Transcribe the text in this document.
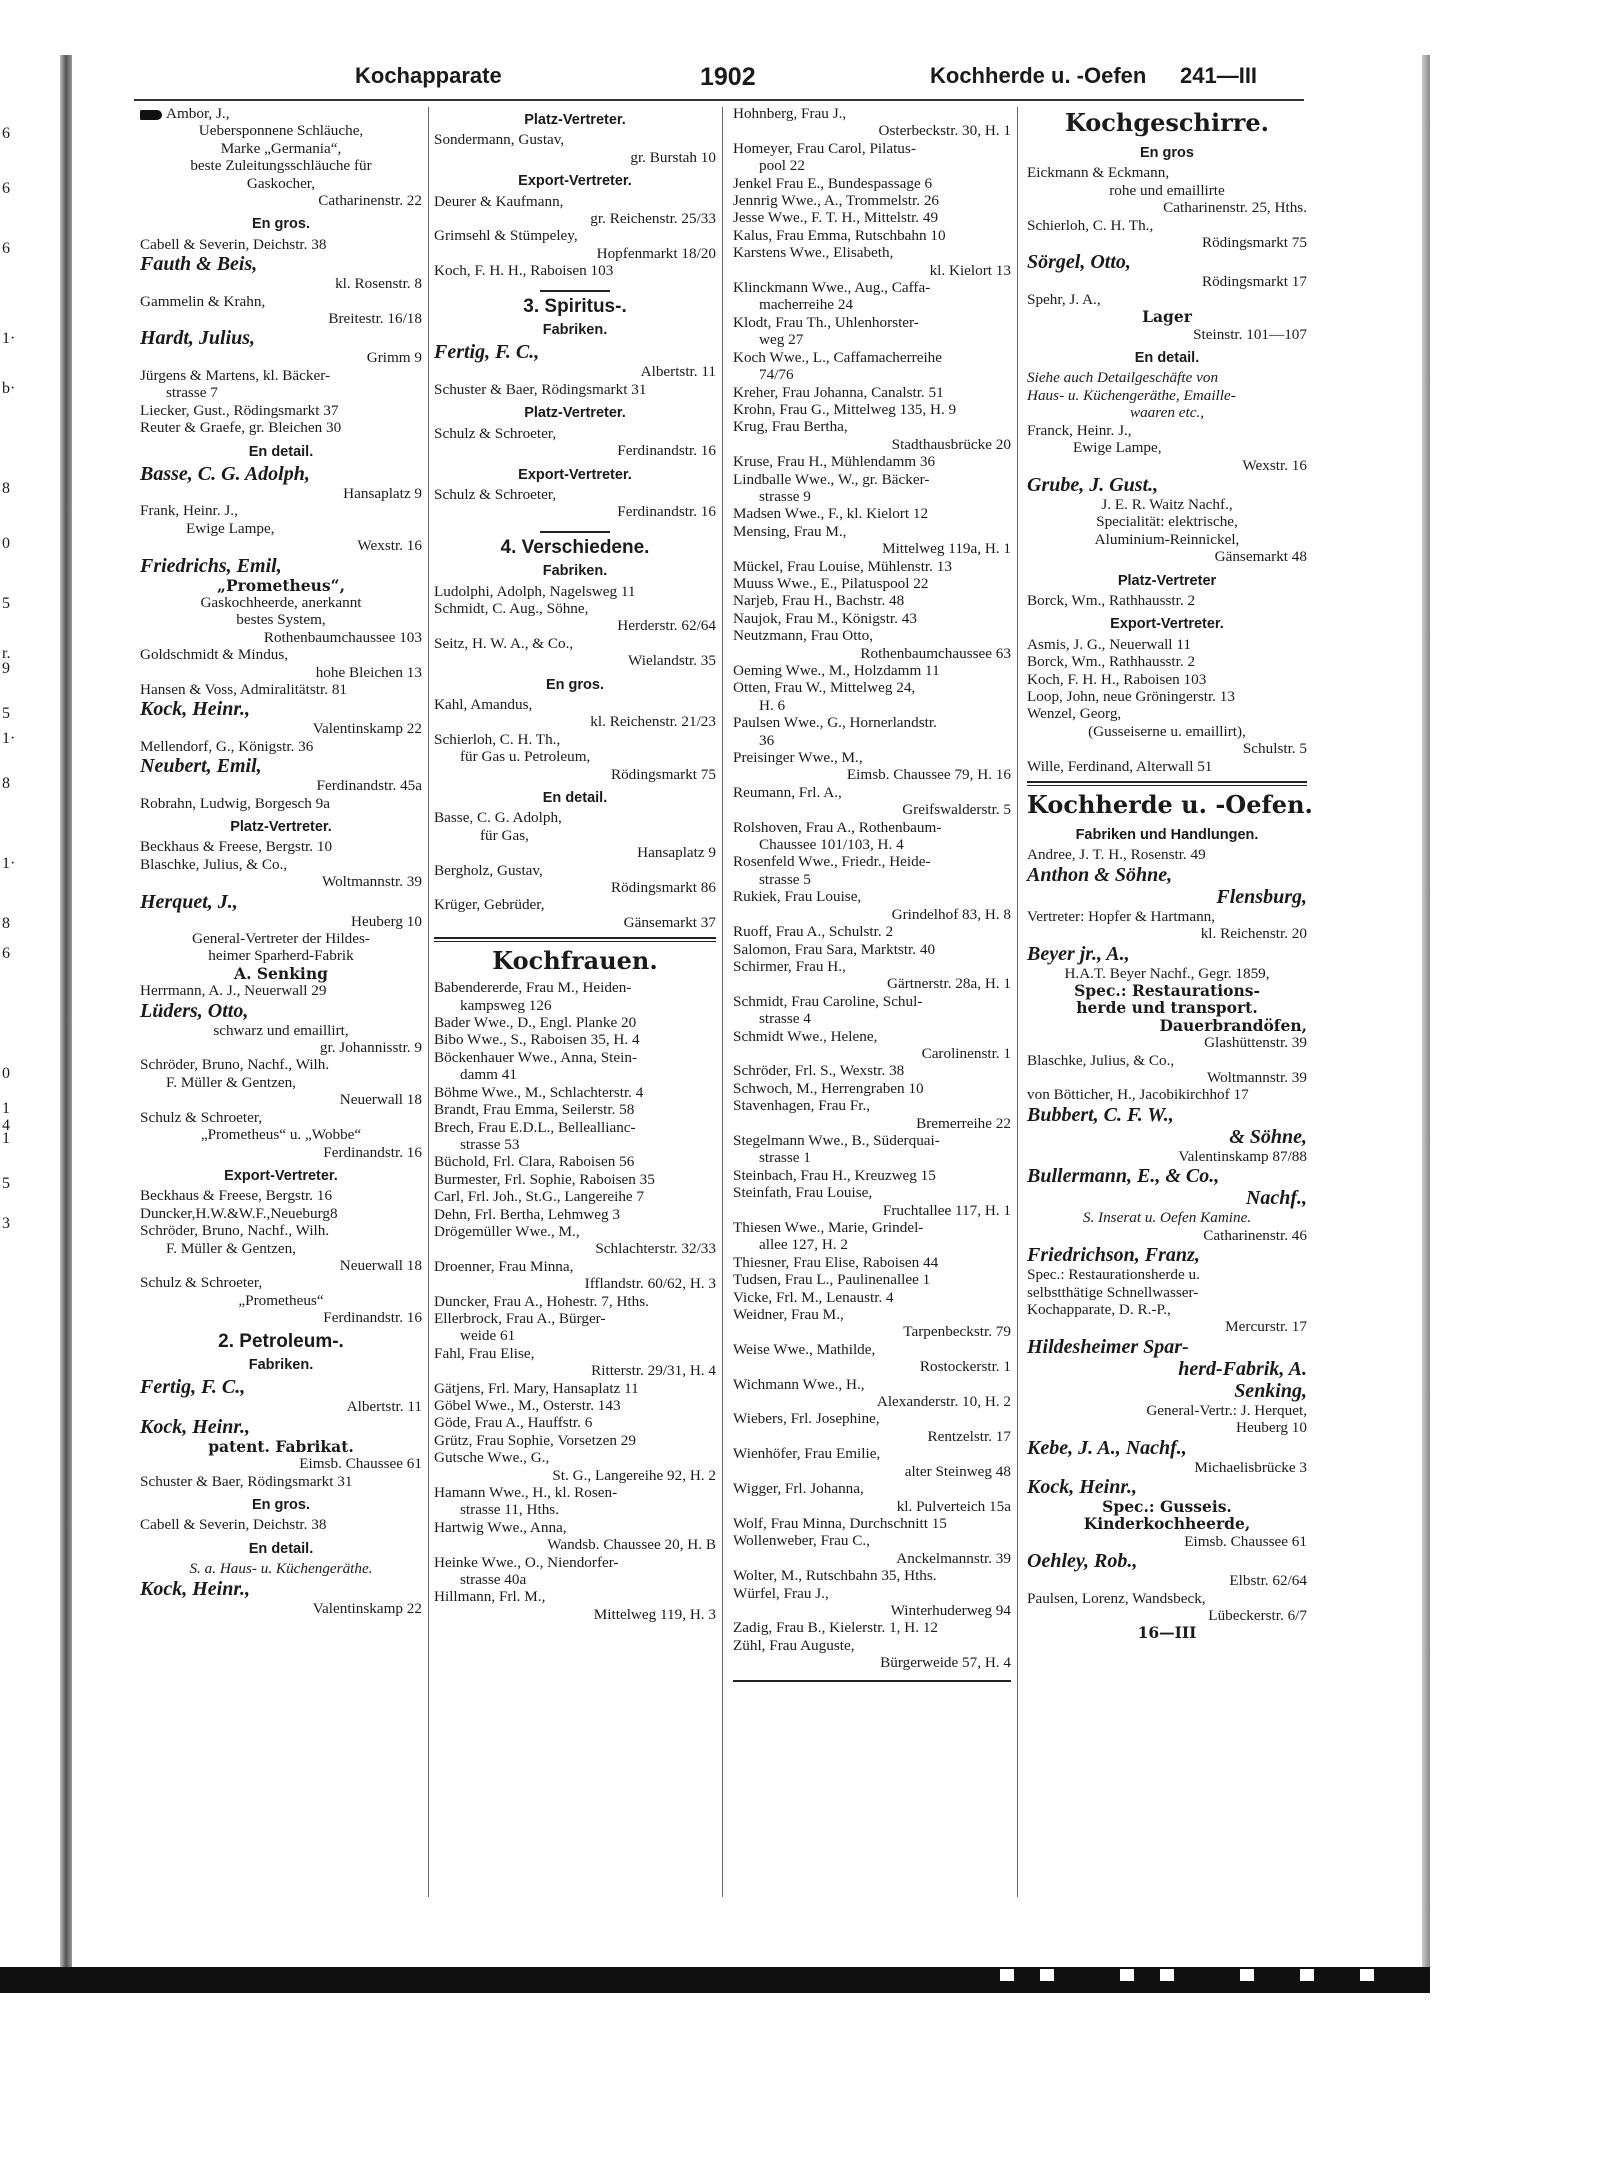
6
6
6
1·
b·
8
0
5
r.
9
5
1·
8
1·
8
6
0
1
4
1
5
3
Kochapparate	1902	Kochherde u. -Oefen 241—III

Ambor, J.,

Uebersponnene Schläuche,

Marke „Germania“,

beste Zuleitungsschläuche für

Gaskocher,

Catharinenstr. 22

En gros.

Cabell & Severin, Deichstr. 38

Fauth & Beis,

kl. Rosenstr. 8

Gammelin & Krahn,

Breitestr. 16/18

Hardt, Julius,

Grimm 9

Jürgens & Martens, kl. Bäcker-

strasse 7

Liecker, Gust., Rödingsmarkt 37

Reuter & Graefe, gr. Bleichen 30

En detail.

Basse, C. G. Adolph,

Hansaplatz 9

Frank, Heinr. J.,

Ewige Lampe,

Wexstr. 16

Friedrichs, Emil,

„Prometheus“,

Gaskochheerde, anerkannt

bestes System,

Rothenbaumchaussee 103

Goldschmidt & Mindus,

hohe Bleichen 13

Hansen & Voss, Admiralitätstr. 81

Kock, Heinr.,

Valentinskamp 22

Mellendorf, G., Königstr. 36

Neubert, Emil,

Ferdinandstr. 45a

Robrahn, Ludwig, Borgesch 9a

Platz-Vertreter.

Beckhaus & Freese, Bergstr. 10

Blaschke, Julius, & Co.,

Woltmannstr. 39

Herquet, J.,

Heuberg 10

General-Vertreter der Hildes-

heimer Sparherd-Fabrik

A. Senking

Herrmann, A. J., Neuerwall 29

Lüders, Otto,

schwarz und emaillirt,

gr. Johannisstr. 9

Schröder, Bruno, Nachf., Wilh.

F. Müller & Gentzen,

Neuerwall 18

Schulz & Schroeter,

„Prometheus“ u. „Wobbe“

Ferdinandstr. 16

Export-Vertreter.

Beckhaus & Freese, Bergstr. 16

Duncker,H.W.&W.F.,Neueburg8

Schröder, Bruno, Nachf., Wilh.

F. Müller & Gentzen,

Neuerwall 18

Schulz & Schroeter,

„Prometheus“

Ferdinandstr. 16

2. Petroleum-.

Fabriken.

Fertig, F. C.,

Albertstr. 11

Kock, Heinr.,

patent. Fabrikat.

Eimsb. Chaussee 61

Schuster & Baer, Rödingsmarkt 31

En gros.

Cabell & Severin, Deichstr. 38

En detail.

S. a. Haus- u. Küchengeräthe.

Kock, Heinr.,

Valentinskamp 22

Platz-Vertreter.

Sondermann, Gustav,

gr. Burstah 10

Export-Vertreter.

Deurer & Kaufmann,

gr. Reichenstr. 25/33

Grimsehl & Stümpeley,

Hopfenmarkt 18/20

Koch, F. H. H., Raboisen 103

3. Spiritus-.

Fabriken.

Fertig, F. C.,

Albertstr. 11

Schuster & Baer, Rödingsmarkt 31

Platz-Vertreter.

Schulz & Schroeter,

Ferdinandstr. 16

Export-Vertreter.

Schulz & Schroeter,

Ferdinandstr. 16

4. Verschiedene.

Fabriken.

Ludolphi, Adolph, Nagelsweg 11

Schmidt, C. Aug., Söhne,

Herderstr. 62/64

Seitz, H. W. A., & Co.,

Wielandstr. 35

En gros.

Kahl, Amandus,

kl. Reichenstr. 21/23

Schierloh, C. H. Th.,

für Gas u. Petroleum,

Rödingsmarkt 75

En detail.

Basse, C. G. Adolph,

für Gas,

Hansaplatz 9

Bergholz, Gustav,

Rödingsmarkt 86

Krüger, Gebrüder,

Gänsemarkt 37

Kochfrauen.

Babendererde, Frau M., Heiden-

kampsweg 126

Bader Wwe., D., Engl. Planke 20

Bibo Wwe., S., Raboisen 35, H. 4

Böckenhauer Wwe., Anna, Stein-

damm 41

Böhme Wwe., M., Schlachterstr. 4

Brandt, Frau Emma, Seilerstr. 58

Brech, Frau E.D.L., Belleallianc-

strasse 53

Büchold, Frl. Clara, Raboisen 56

Burmester, Frl. Sophie, Raboisen 35

Carl, Frl. Joh., St.G., Langereihe 7

Dehn, Frl. Bertha, Lehmweg 3

Drögemüller Wwe., M.,

Schlachterstr. 32/33

Droenner, Frau Minna,

Ifflandstr. 60/62, H. 3

Duncker, Frau A., Hohestr. 7, Hths.

Ellerbrock, Frau A., Bürger-

weide 61

Fahl, Frau Elise,

Ritterstr. 29/31, H. 4

Gätjens, Frl. Mary, Hansaplatz 11

Göbel Wwe., M., Osterstr. 143

Göde, Frau A., Hauffstr. 6

Grütz, Frau Sophie, Vorsetzen 29

Gutsche Wwe., G.,

St. G., Langereihe 92, H. 2

Hamann Wwe., H., kl. Rosen-

strasse 11, Hths.

Hartwig Wwe., Anna,

Wandsb. Chaussee 20, H. B

Heinke Wwe., O., Niendorfer-

strasse 40a

Hillmann, Frl. M.,

Mittelweg 119, H. 3

Hohnberg, Frau J.,

Osterbeckstr. 30, H. 1

Homeyer, Frau Carol, Pilatus-

pool 22

Jenkel Frau E., Bundespassage 6

Jennrig Wwe., A., Trommelstr. 26

Jesse Wwe., F. T. H., Mittelstr. 49

Kalus, Frau Emma, Rutschbahn 10

Karstens Wwe., Elisabeth,

kl. Kielort 13

Klinckmann Wwe., Aug., Caffa-

macherreihe 24

Klodt, Frau Th., Uhlenhorster-

weg 27

Koch Wwe., L., Caffamacherreihe

74/76

Kreher, Frau Johanna, Canalstr. 51

Krohn, Frau G., Mittelweg 135, H. 9

Krug, Frau Bertha,

Stadthausbrücke 20

Kruse, Frau H., Mühlendamm 36

Lindballe Wwe., W., gr. Bäcker-

strasse 9

Madsen Wwe., F., kl. Kielort 12

Mensing, Frau M.,

Mittelweg 119a, H. 1

Mückel, Frau Louise, Mühlenstr. 13

Muuss Wwe., E., Pilatuspool 22

Narjeb, Frau H., Bachstr. 48

Naujok, Frau M., Königstr. 43

Neutzmann, Frau Otto,

Rothenbaumchaussee 63

Oeming Wwe., M., Holzdamm 11

Otten, Frau W., Mittelweg 24,

H. 6

Paulsen Wwe., G., Hornerlandstr.

36

Preisinger Wwe., M.,

Eimsb. Chaussee 79, H. 16

Reumann, Frl. A.,

Greifswalderstr. 5

Rolshoven, Frau A., Rothenbaum-

Chaussee 101/103, H. 4

Rosenfeld Wwe., Friedr., Heide-

strasse 5

Rukiek, Frau Louise,

Grindelhof 83, H. 8

Ruoff, Frau A., Schulstr. 2

Salomon, Frau Sara, Marktstr. 40

Schirmer, Frau H.,

Gärtnerstr. 28a, H. 1

Schmidt, Frau Caroline, Schul-

strasse 4

Schmidt Wwe., Helene,

Carolinenstr. 1

Schröder, Frl. S., Wexstr. 38

Schwoch, M., Herrengraben 10

Stavenhagen, Frau Fr.,

Bremerreihe 22

Stegelmann Wwe., B., Süderquai-

strasse 1

Steinbach, Frau H., Kreuzweg 15

Steinfath, Frau Louise,

Fruchtallee 117, H. 1

Thiesen Wwe., Marie, Grindel-

allee 127, H. 2

Thiesner, Frau Elise, Raboisen 44

Tudsen, Frau L., Paulinenallee 1

Vicke, Frl. M., Lenaustr. 4

Weidner, Frau M.,

Tarpenbeckstr. 79

Weise Wwe., Mathilde,

Rostockerstr. 1

Wichmann Wwe., H.,

Alexanderstr. 10, H. 2

Wiebers, Frl. Josephine,

Rentzelstr. 17

Wienhöfer, Frau Emilie,

alter Steinweg 48

Wigger, Frl. Johanna,

kl. Pulverteich 15a

Wolf, Frau Minna, Durchschnitt 15

Wollenweber, Frau C.,

Anckelmannstr. 39

Wolter, M., Rutschbahn 35, Hths.

Würfel, Frau J.,

Winterhuderweg 94

Zadig, Frau B., Kielerstr. 1, H. 12

Zühl, Frau Auguste,

Bürgerweide 57, H. 4

Kochgeschirre.

En gros

Eickmann & Eckmann,

rohe und emaillirte

Catharinenstr. 25, Hths.

Schierloh, C. H. Th.,

Rödingsmarkt 75

Sörgel, Otto,

Rödingsmarkt 17

Spehr, J. A.,

Lager

Steinstr. 101—107

En detail.

Siehe auch Detailgeschäfte von

Haus- u. Küchengeräthe, Emaille-

waaren etc.,

Franck, Heinr. J.,

Ewige Lampe,

Wexstr. 16

Grube, J. Gust.,

J. E. R. Waitz Nachf.,

Specialität: elektrische,

Aluminium-Reinnickel,

Gänsemarkt 48

Platz-Vertreter

Borck, Wm., Rathhausstr. 2

Export-Vertreter.

Asmis, J. G., Neuerwall 11

Borck, Wm., Rathhausstr. 2

Koch, F. H. H., Raboisen 103

Loop, John, neue Gröningerstr. 13

Wenzel, Georg,

(Gusseiserne u. emaillirt),

Schulstr. 5

Wille, Ferdinand, Alterwall 51

Kochherde u. -Oefen.

Fabriken und Handlungen.

Andree, J. T. H., Rosenstr. 49

Anthon & Söhne,

Flensburg,

Vertreter: Hopfer & Hartmann,

kl. Reichenstr. 20

Beyer jr., A.,

H.A.T. Beyer Nachf., Gegr. 1859,

Spec.: Restaurations-

herde und transport.

Dauerbrandöfen,

Glashüttenstr. 39

Blaschke, Julius, & Co.,

Woltmannstr. 39

von Bötticher, H., Jacobikirchhof 17

Bubbert, C. F. W.,

& Söhne,

Valentinskamp 87/88

Bullermann, E., & Co.,

Nachf.,

S. Inserat u. Oefen Kamine.

Catharinenstr. 46

Friedrichson, Franz,

Spec.: Restaurationsherde u.

selbstthätige Schnellwasser-

Kochapparate, D. R.-P.,

Mercurstr. 17

Hildesheimer Spar-

herd-Fabrik, A.

Senking,

General-Vertr.: J. Herquet,

Heuberg 10

Kebe, J. A., Nachf.,

Michaelisbrücke 3

Kock, Heinr.,

Spec.: Gusseis.

Kinderkochheerde,

Eimsb. Chaussee 61

Oehley, Rob.,

Elbstr. 62/64

Paulsen, Lorenz, Wandsbeck,

Lübeckerstr. 6/7

16—III
